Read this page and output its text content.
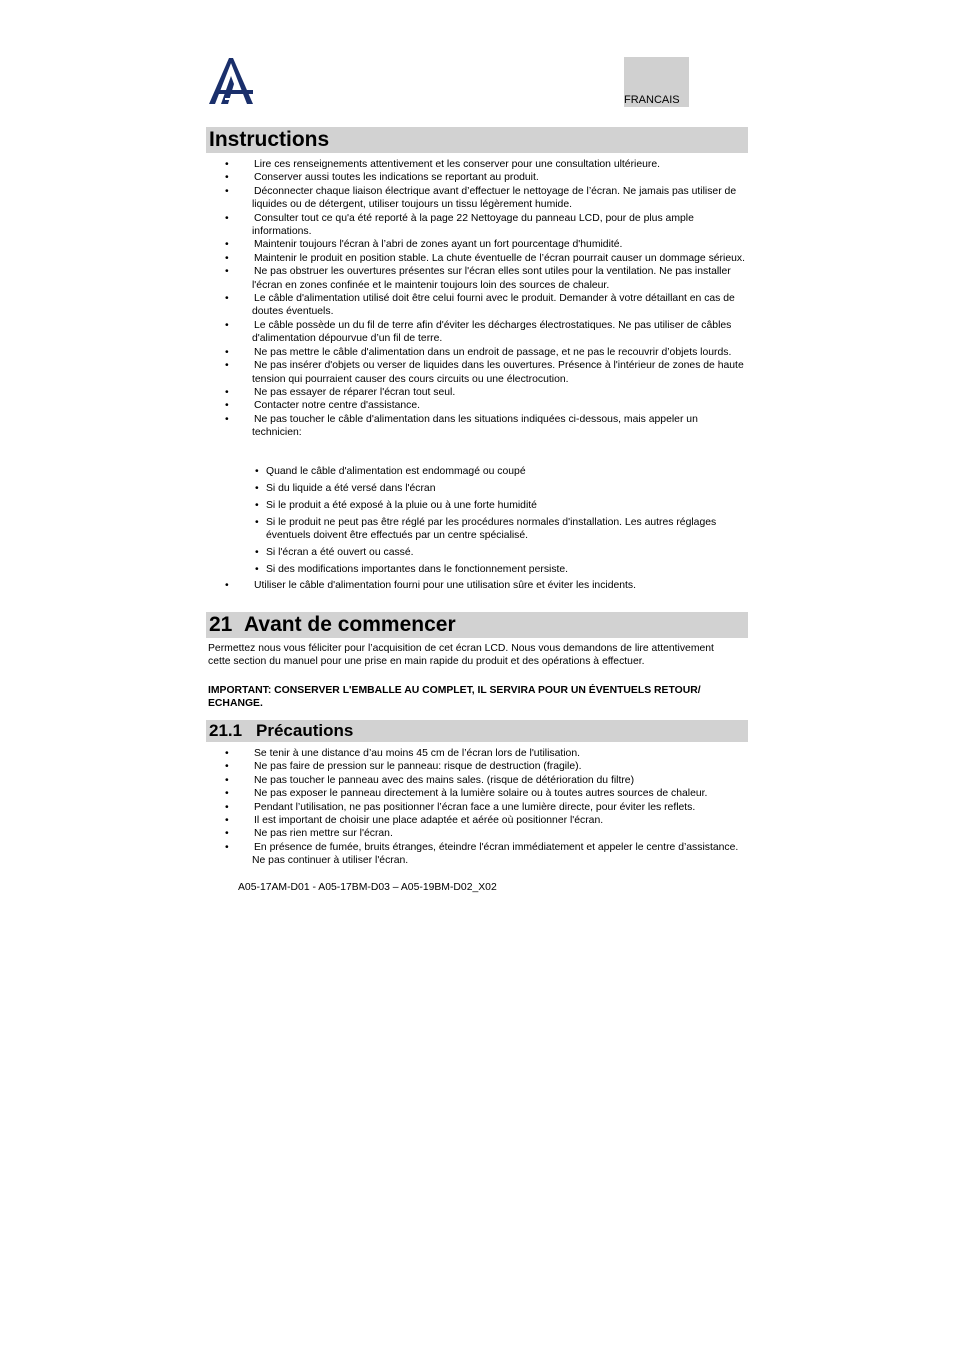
FRANCAIS
Instructions
• Lire ces renseignements attentivement et les conserver pour une consultation ultérieure.
• Conserver aussi toutes les indications se reportant au produit.
• Déconnecter chaque liaison électrique avant d’effectuer le nettoyage de l’écran. Ne jamais pas utiliser de liquides ou de détergent, utiliser toujours un tissu légèrement humide.
• Consulter tout ce qu'a été reporté à la page 22 Nettoyage du panneau LCD, pour de plus ample informations.
• Maintenir toujours l'écran à l’abri de zones ayant un fort pourcentage d'humidité.
• Maintenir le produit en position stable. La chute éventuelle de l’écran pourrait causer un dommage sérieux.
• Ne pas obstruer les ouvertures présentes sur l'écran elles sont utiles pour la ventilation. Ne pas installer l'écran en zones confinée et le maintenir toujours loin des sources de chaleur.
• Le câble d'alimentation utilisé doit être celui fourni avec le produit. Demander à votre détaillant en cas de doutes éventuels.
• Le câble possède un du fil de terre afin d'éviter les décharges électrostatiques. Ne pas utiliser de câbles d'alimentation dépourvue d’un fil de terre.
• Ne pas mettre le câble d'alimentation dans un endroit de passage, et ne pas le recouvrir d’objets lourds.
• Ne pas insérer d'objets ou verser de liquides dans les ouvertures. Présence à l'intérieur de zones de haute tension qui pourraient causer des cours circuits ou une électrocution.
• Ne pas essayer de réparer l'écran tout seul.
• Contacter notre centre d'assistance.
• Ne pas toucher le câble d'alimentation dans les situations indiquées ci-dessous, mais appeler un technicien:
• Quand le câble d'alimentation est endommagé ou coupé
• Si du liquide a été versé dans l'écran
• Si le produit a été exposé à la pluie ou à une forte humidité
• Si le produit ne peut pas être réglé par les procédures normales d'installation. Les autres réglages éventuels doivent être effectués par un centre spécialisé.
• Si l'écran a été ouvert ou cassé.
• Si des modifications importantes dans le fonctionnement persiste.
• Utiliser le câble d'alimentation fourni pour une utilisation sûre et éviter les incidents.
21 Avant de commencer
Permettez nous vous féliciter pour l’acquisition de cet écran LCD. Nous vous demandons de lire attentivement cette section du manuel pour une prise en main rapide du produit et des opérations à effectuer.
IMPORTANT: CONSERVER L'EMBALLE AU COMPLET, IL SERVIRA POUR UN ÉVENTUELS RETOUR/ ECHANGE.
21.1 Précautions
• Se tenir à une distance d’au moins 45 cm de l’écran lors de l'utilisation.
• Ne pas faire de pression sur le panneau: risque de destruction (fragile).
• Ne pas toucher le panneau avec des mains sales. (risque de détérioration du filtre)
• Ne pas exposer le panneau directement à la lumière solaire ou à toutes autres sources de chaleur.
• Pendant l’utilisation, ne pas positionner l’écran face a une lumière directe, pour éviter les reflets.
• Il est important de choisir une place adaptée et aérée où positionner l'écran.
• Ne pas rien mettre sur l'écran.
• En présence de fumée, bruits étranges, éteindre l'écran immédiatement et appeler le centre d’assistance. Ne pas continuer à utiliser l'écran.
A05-17AM-D01 - A05-17BM-D03 – A05-19BM-D02_X02
